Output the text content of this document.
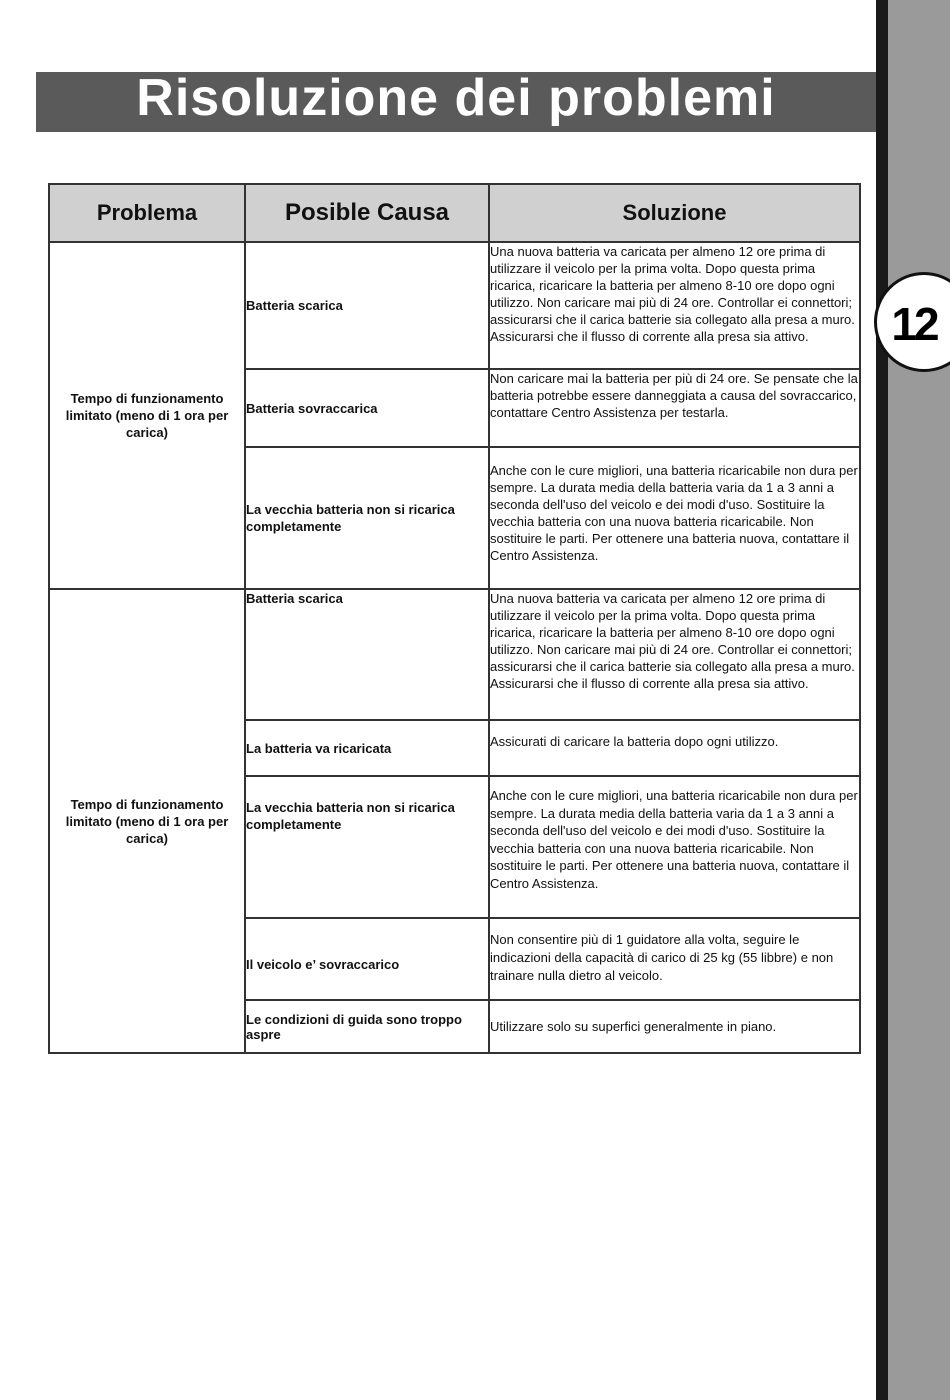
12
Risoluzione dei problemi
Problema	Posible Causa	Soluzione
Tempo di funzionamento limitato (meno di 1 ora per carica)	Batteria scarica	Una nuova batteria va caricata per almeno 12 ore prima di utilizzare il veicolo per la prima volta. Dopo questa prima ricarica, ricaricare la batteria per almeno 8-10 ore dopo ogni utilizzo. Non caricare mai più di 24 ore. Controllar ei connettori; assicurarsi che il carica batterie sia collegato alla presa a muro. Assicurarsi che il flusso di corrente alla presa sia attivo.
	Batteria sovraccarica	Non caricare mai la batteria per più di 24 ore. Se pensate che la batteria potrebbe essere danneggiata a causa del sovraccarico, contattare Centro Assistenza per testarla.
	La vecchia batteria non si ricarica completamente	Anche con le cure migliori, una batteria ricaricabile non dura per sempre. La durata media della batteria varia da 1 a 3 anni a seconda dell'uso del veicolo e dei modi d'uso. Sostituire la vecchia batteria con una nuova batteria ricaricabile. Non sostituire le parti. Per ottenere una batteria nuova, contattare il Centro Assistenza.
Tempo di funzionamento limitato (meno di 1 ora per carica)	Batteria scarica	Una nuova batteria va caricata per almeno 12 ore prima di utilizzare il veicolo per la prima volta. Dopo questa prima ricarica, ricaricare la batteria per almeno 8-10 ore dopo ogni utilizzo. Non caricare mai più di 24 ore. Controllar ei connettori; assicurarsi che il carica batterie sia collegato alla presa a muro. Assicurarsi che il flusso di corrente alla presa sia attivo.
	La batteria va ricaricata	Assicurati di caricare la batteria dopo ogni utilizzo.
	La vecchia batteria non si ricarica completamente	Anche con le cure migliori, una batteria ricaricabile non dura per sempre. La durata media della batteria varia da 1 a 3 anni a seconda dell'uso del veicolo e dei modi d'uso. Sostituire la vecchia batteria con una nuova batteria ricaricabile. Non sostituire le parti. Per ottenere una batteria nuova, contattare il Centro Assistenza.
	Il veicolo e’ sovraccarico	Non consentire più di 1 guidatore alla volta, seguire le indicazioni della capacità di carico di 25 kg (55 libbre) e non trainare nulla dietro al veicolo.
	Le condizioni di guida sono troppo aspre	Utilizzare solo su superfici generalmente in piano.
